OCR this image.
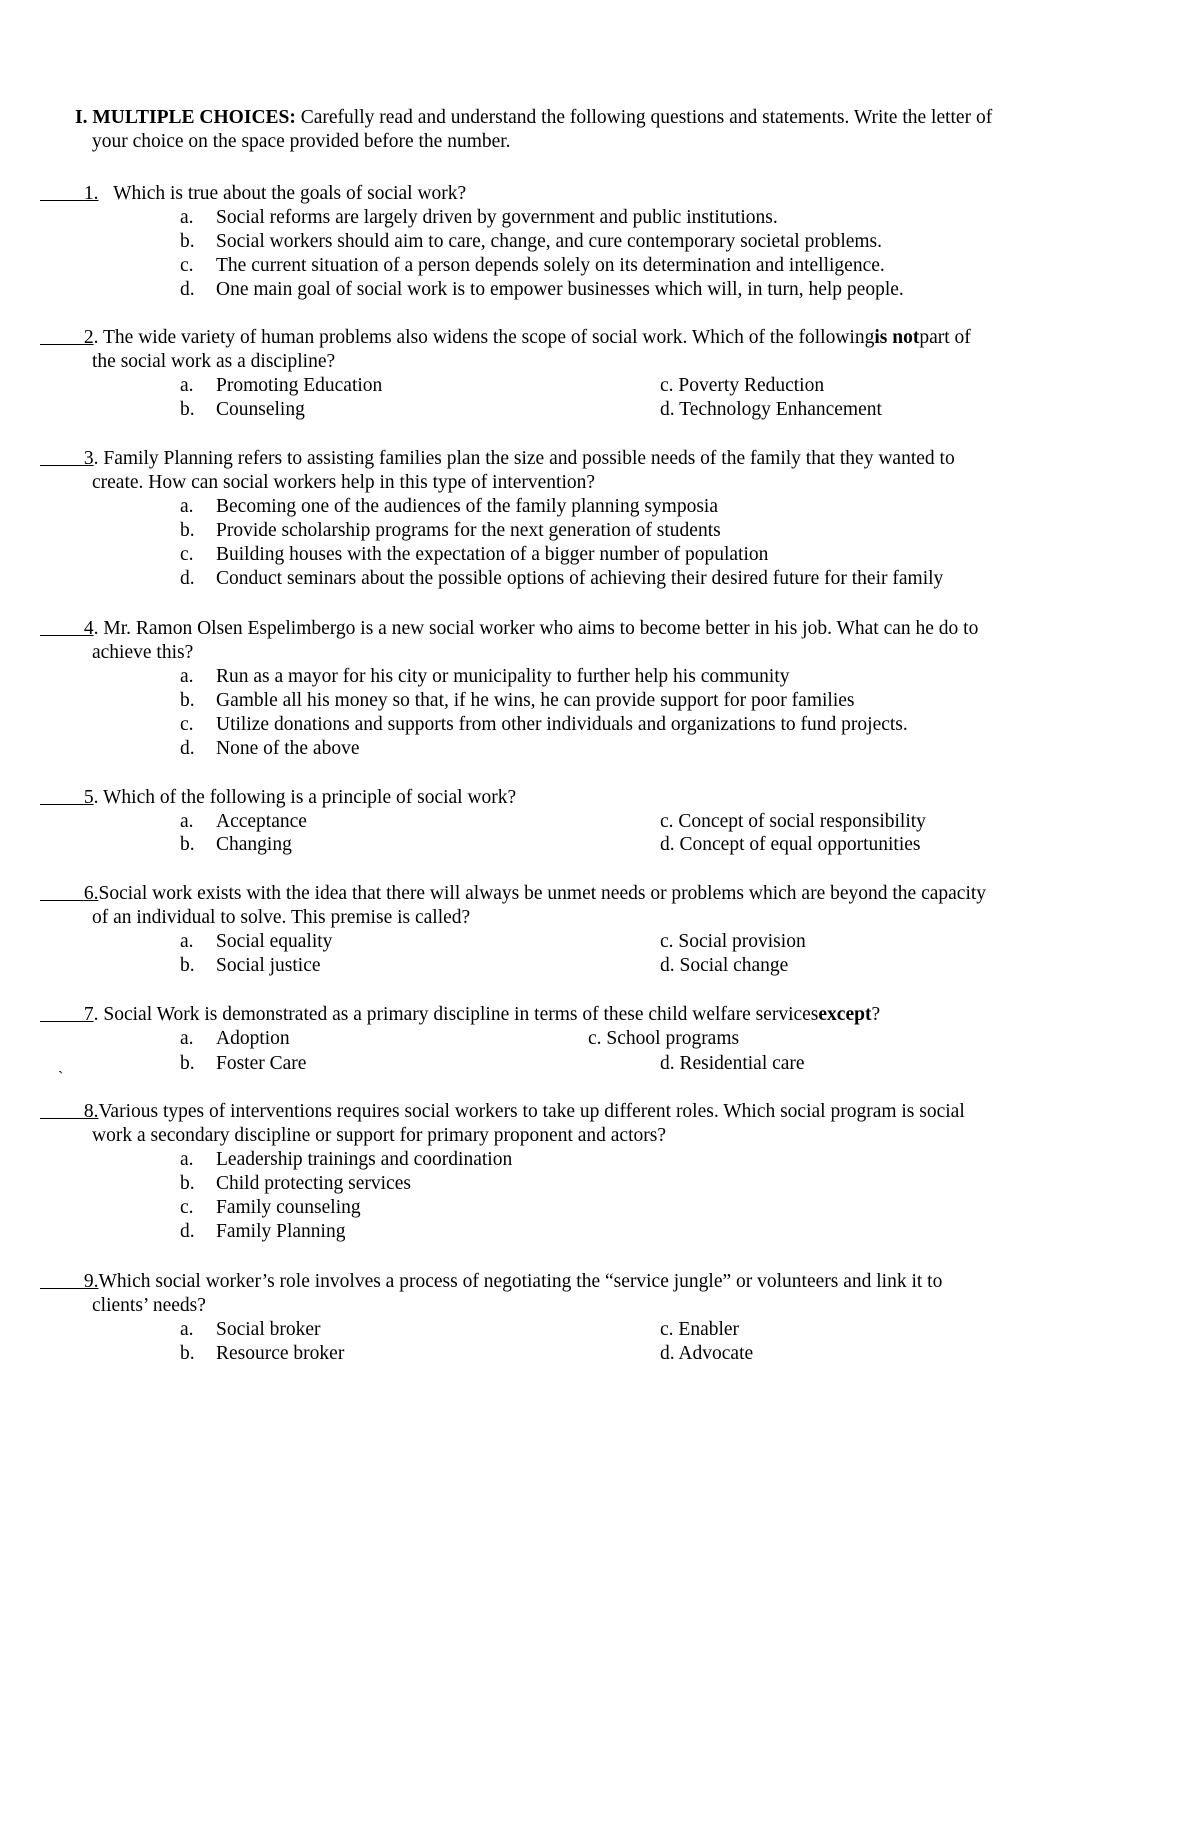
I. MULTIPLE CHOICES: Carefully read and understand the following questions and statements. Write the letter of
your choice on the space provided before the number.

1.
Which is true about the goals of social work?
a. Social reforms are largely driven by government and public institutions.
b. Social workers should aim to care, change, and cure contemporary societal problems.
c. The current situation of a person depends solely on its determination and intelligence.
d. One main goal of social work is to empower businesses which will, in turn, help people.

2 . The wide variety of human problems also widens the scope of social work. Which of the following is not part of
the social work as a discipline?
a. Promoting Education
b. Counseling
c. Poverty Reduction
d. Technology Enhancement

3 . Family Planning refers to assisting families plan the size and possible needs of the family that they wanted to
create. How can social workers help in this type of intervention?
a. Becoming one of the audiences of the family planning symposia
b. Provide scholarship programs for the next generation of students
c. Building houses with the expectation of a bigger number of population
d. Conduct seminars about the possible options of achieving their desired future for their family

4 . Mr. Ramon Olsen Espelimbergo is a new social worker who aims to become better in his job. What can he do to
achieve this?
a. Run as a mayor for his city or municipality to further help his community
b. Gamble all his money so that, if he wins, he can provide support for poor families
c. Utilize donations and supports from other individuals and organizations to fund projects.
d. None of the above

5 . Which of the following is a principle of social work?
a. Acceptance
b. Changing
c. Concept of social responsibility
d. Concept of equal opportunities

6. Social work exists with the idea that there will always be unmet needs or problems which are beyond the capacity
of an individual to solve. This premise is called?
a. Social equality
b. Social justice
c. Social provision
d. Social change

7 . Social Work is demonstrated as a primary discipline in terms of these child welfare services except ?
a. Adoption
b. Foster Care
c. School programs
d. Residential care
`

8. Various types of interventions requires social workers to take up different roles. Which social program is social
work a secondary discipline or support for primary proponent and actors?
a. Leadership trainings and coordination
b. Child protecting services
c. Family counseling
d. Family Planning

9. Which social worker’s role involves a process of negotiating the “service jungle” or volunteers and link it to
clients’ needs?
a. Social broker
b. Resource broker
c. Enabler
d. Advocate
